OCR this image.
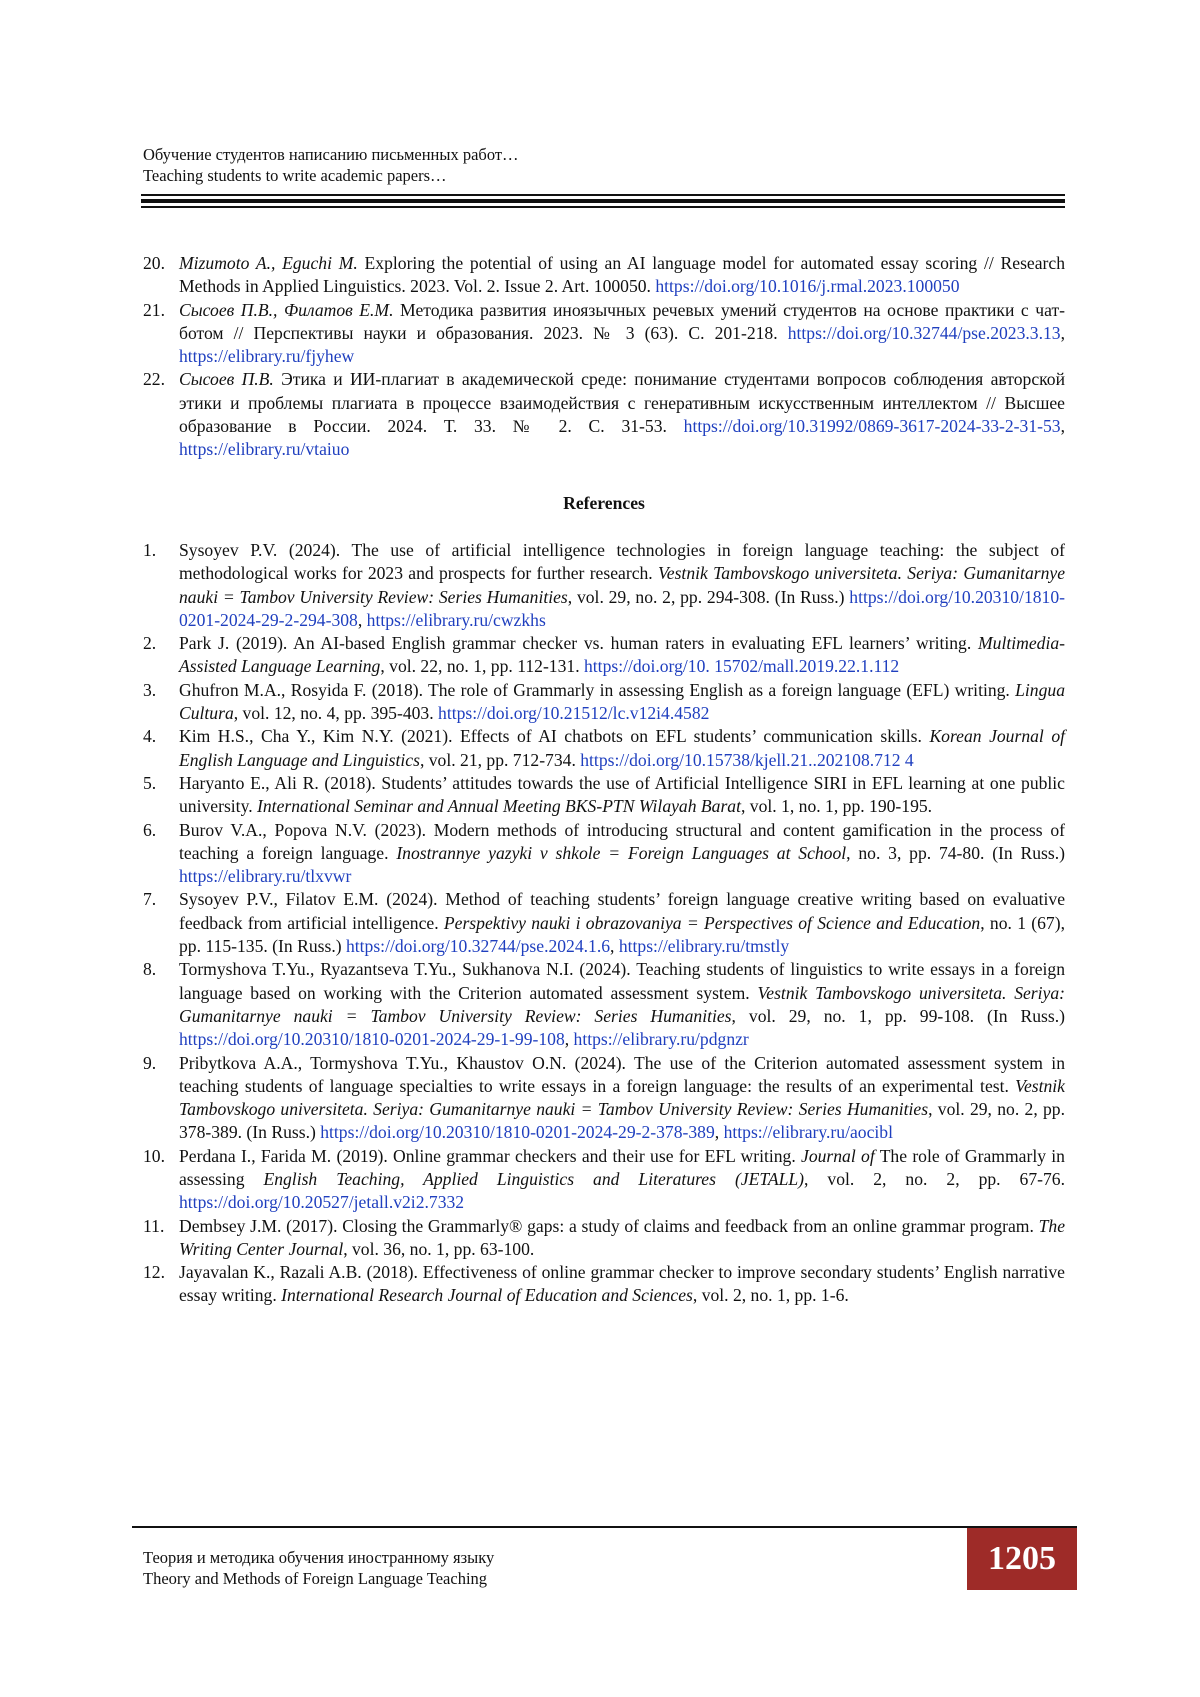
Обучение студентов написанию письменных работ…
Teaching students to write academic papers…
20. Mizumoto A., Eguchi M. Exploring the potential of using an AI language model for automated essay scoring // Research Methods in Applied Linguistics. 2023. Vol. 2. Issue 2. Art. 100050. https://doi.org/10.1016/j.rmal.2023.100050
21. Сысоев П.В., Филатов Е.М. Методика развития иноязычных речевых умений студентов на основе практики с чат-ботом // Перспективы науки и образования. 2023. № 3 (63). С. 201-218. https://doi.org/10.32744/pse.2023.3.13, https://elibrary.ru/fjyhew
22. Сысоев П.В. Этика и ИИ-плагиат в академической среде: понимание студентами вопросов соблюдения авторской этики и проблемы плагиата в процессе взаимодействия с генеративным искусственным интеллектом // Высшее образование в России. 2024. Т. 33. № 2. С. 31-53. https://doi.org/10.31992/0869-3617-2024-33-2-31-53, https://elibrary.ru/vtaiuo
References
1. Sysoyev P.V. (2024). The use of artificial intelligence technologies in foreign language teaching: the subject of methodological works for 2023 and prospects for further research. Vestnik Tambovskogo universiteta. Seriya: Gumanitarnye nauki = Tambov University Review: Series Humanities, vol. 29, no. 2, pp. 294-308. (In Russ.) https://doi.org/10.20310/1810-0201-2024-29-2-294-308, https://elibrary.ru/cwzkhs
2. Park J. (2019). An AI-based English grammar checker vs. human raters in evaluating EFL learners’ writing. Multimedia-Assisted Language Learning, vol. 22, no. 1, pp. 112-131. https://doi.org/10. 15702/mall.2019.22.1.112
3. Ghufron M.A., Rosyida F. (2018). The role of Grammarly in assessing English as a foreign language (EFL) writing. Lingua Cultura, vol. 12, no. 4, pp. 395-403. https://doi.org/10.21512/lc.v12i4.4582
4. Kim H.S., Cha Y., Kim N.Y. (2021). Effects of AI chatbots on EFL students’ communication skills. Korean Journal of English Language and Linguistics, vol. 21, pp. 712-734. https://doi.org/10.15738/kjell.21..202108.712 4
5. Haryanto E., Ali R. (2018). Students’ attitudes towards the use of Artificial Intelligence SIRI in EFL learning at one public university. International Seminar and Annual Meeting BKS-PTN Wilayah Barat, vol. 1, no. 1, pp. 190-195.
6. Burov V.A., Popova N.V. (2023). Modern methods of introducing structural and content gamification in the process of teaching a foreign language. Inostrannye yazyki v shkole = Foreign Languages at School, no. 3, pp. 74-80. (In Russ.) https://elibrary.ru/tlxvwr
7. Sysoyev P.V., Filatov E.M. (2024). Method of teaching students’ foreign language creative writing based on evaluative feedback from artificial intelligence. Perspektivy nauki i obrazovaniya = Perspectives of Science and Education, no. 1 (67), pp. 115-135. (In Russ.) https://doi.org/10.32744/pse.2024.1.6, https://elibrary.ru/tmstly
8. Tormyshova T.Yu., Ryazantseva T.Yu., Sukhanova N.I. (2024). Teaching students of linguistics to write essays in a foreign language based on working with the Criterion automated assessment system. Vestnik Tambovskogo universiteta. Seriya: Gumanitarnye nauki = Tambov University Review: Series Humanities, vol. 29, no. 1, pp. 99-108. (In Russ.) https://doi.org/10.20310/1810-0201-2024-29-1-99-108, https://elibrary.ru/pdgnzr
9. Pribytkova A.A., Tormyshova T.Yu., Khaustov O.N. (2024). The use of the Criterion automated assessment system in teaching students of language specialties to write essays in a foreign language: the results of an experimental test. Vestnik Tambovskogo universiteta. Seriya: Gumanitarnye nauki = Tambov University Review: Series Humanities, vol. 29, no. 2, pp. 378-389. (In Russ.) https://doi.org/10.20310/1810-0201-2024-29-2-378-389, https://elibrary.ru/aocibl
10. Perdana I., Farida M. (2019). Online grammar checkers and their use for EFL writing. Journal of The role of Grammarly in assessing English Teaching, Applied Linguistics and Literatures (JETALL), vol. 2, no. 2, pp. 67-76. https://doi.org/10.20527/jetall.v2i2.7332
11. Dembsey J.M. (2017). Closing the Grammarly® gaps: a study of claims and feedback from an online grammar program. The Writing Center Journal, vol. 36, no. 1, pp. 63-100.
12. Jayavalan K., Razali A.B. (2018). Effectiveness of online grammar checker to improve secondary students’ English narrative essay writing. International Research Journal of Education and Sciences, vol. 2, no. 1, pp. 1-6.
Теория и методика обучения иностранному языку
Theory and Methods of Foreign Language Teaching
1205
